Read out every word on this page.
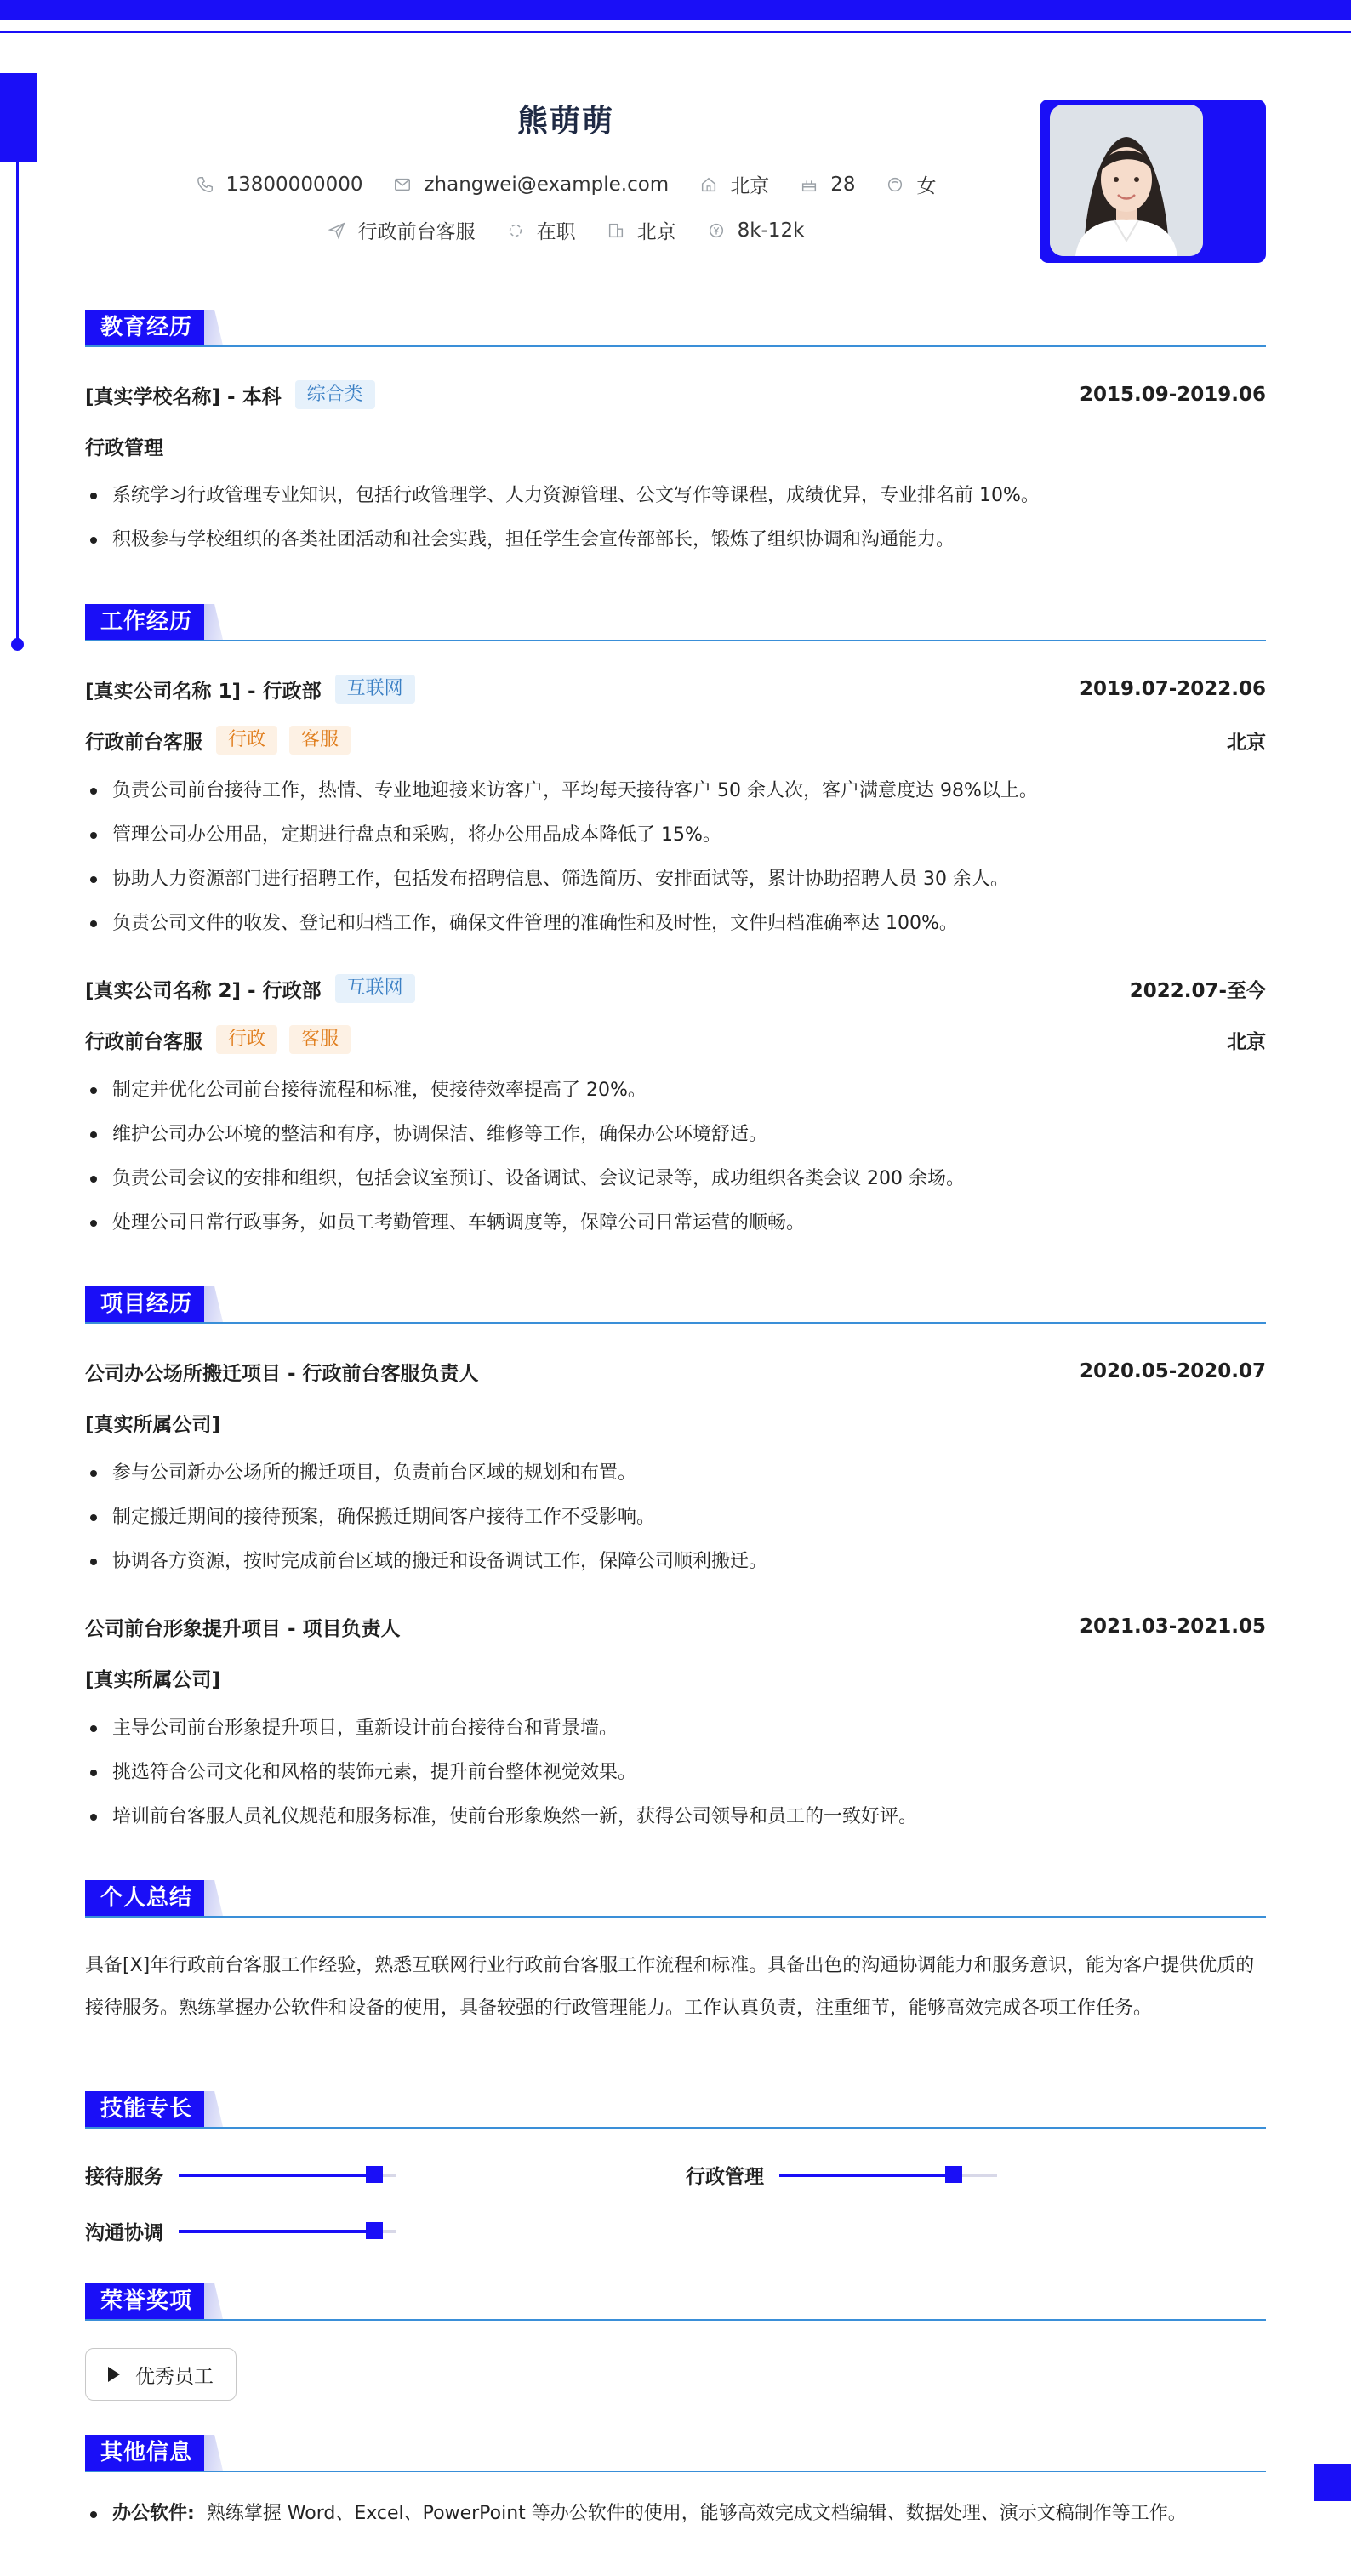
熊萌萌
13800000000	zhangwei@example.com	北京	28	女
行政前台客服	在职	北京	8k-12k
教育经历
[真实学校名称] - 本科	综合类	2015.09-2019.06
行政管理
系统学习行政管理专业知识，包括行政管理学、人力资源管理、公文写作等课程，成绩优异，专业排名前 10%。
积极参与学校组织的各类社团活动和社会实践，担任学生会宣传部部长，锻炼了组织协调和沟通能力。
工作经历
[真实公司名称 1] - 行政部	互联网	2019.07-2022.06
行政前台客服	行政	客服	北京
负责公司前台接待工作，热情、专业地迎接来访客户，平均每天接待客户 50 余人次，客户满意度达 98%以上。
管理公司办公用品，定期进行盘点和采购，将办公用品成本降低了 15%。
协助人力资源部门进行招聘工作，包括发布招聘信息、筛选简历、安排面试等，累计协助招聘人员 30 余人。
负责公司文件的收发、登记和归档工作，确保文件管理的准确性和及时性，文件归档准确率达 100%。
[真实公司名称 2] - 行政部	互联网	2022.07-至今
行政前台客服	行政	客服	北京
制定并优化公司前台接待流程和标准，使接待效率提高了 20%。
维护公司办公环境的整洁和有序，协调保洁、维修等工作，确保办公环境舒适。
负责公司会议的安排和组织，包括会议室预订、设备调试、会议记录等，成功组织各类会议 200 余场。
处理公司日常行政事务，如员工考勤管理、车辆调度等，保障公司日常运营的顺畅。
项目经历
公司办公场所搬迁项目 - 行政前台客服负责人	2020.05-2020.07
[真实所属公司]
参与公司新办公场所的搬迁项目，负责前台区域的规划和布置。
制定搬迁期间的接待预案，确保搬迁期间客户接待工作不受影响。
协调各方资源，按时完成前台区域的搬迁和设备调试工作，保障公司顺利搬迁。
公司前台形象提升项目 - 项目负责人	2021.03-2021.05
[真实所属公司]
主导公司前台形象提升项目，重新设计前台接待台和背景墙。
挑选符合公司文化和风格的装饰元素，提升前台整体视觉效果。
培训前台客服人员礼仪规范和服务标准，使前台形象焕然一新，获得公司领导和员工的一致好评。
个人总结
具备[X]年行政前台客服工作经验，熟悉互联网行业行政前台客服工作流程和标准。具备出色的沟通协调能力和服务意识，能为客户提供优质的接待服务。熟练掌握办公软件和设备的使用，具备较强的行政管理能力。工作认真负责，注重细节，能够高效完成各项工作任务。
技能专长
接待服务	行政管理
沟通协调
荣誉奖项
优秀员工
其他信息
办公软件: 熟练掌握 Word、Excel、PowerPoint 等办公软件的使用，能够高效完成文档编辑、数据处理、演示文稿制作等工作。
